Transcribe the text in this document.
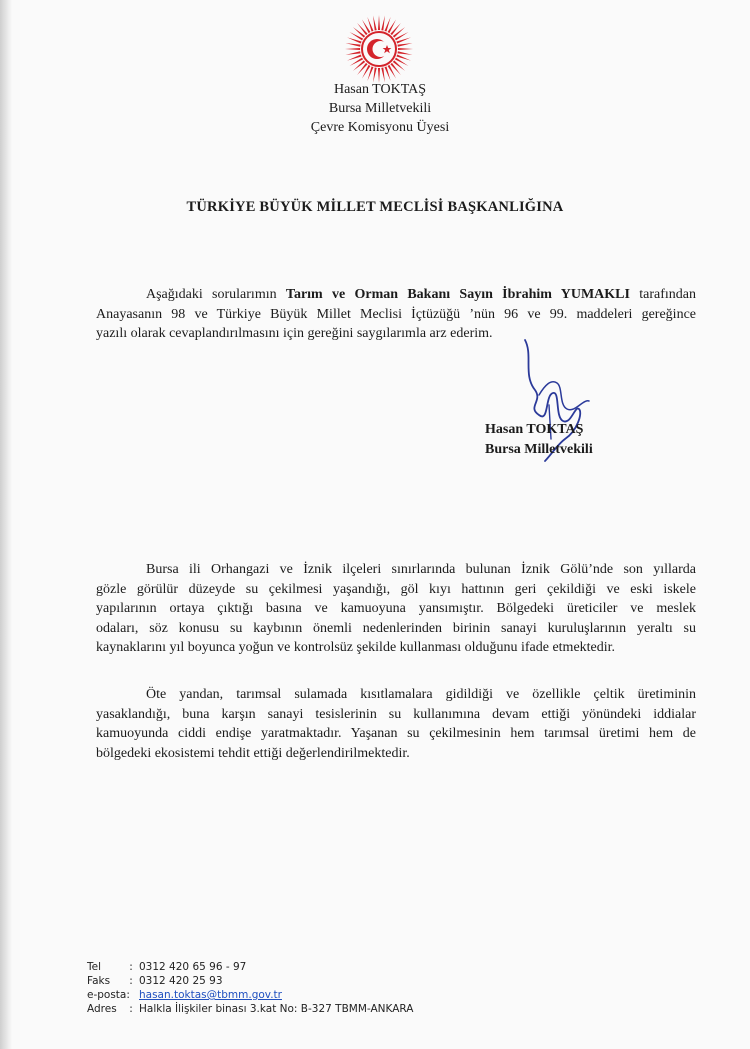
Hasan TOKTAŞ
Bursa Milletvekili
Çevre Komisyonu Üyesi
TÜRKİYE BÜYÜK MİLLET MECLİSİ BAŞKANLIĞINA
Aşağıdaki sorularımın Tarım ve Orman Bakanı Sayın İbrahim YUMAKLI tarafından
Anayasanın 98 ve Türkiye Büyük Millet Meclisi İçtüzüğü ’nün 96 ve 99. maddeleri gereğince
yazılı olarak cevaplandırılmasını için gereğini saygılarımla arz ederim.
Hasan TOKTAŞ
Bursa Milletvekili
Bursa ili Orhangazi ve İznik ilçeleri sınırlarında bulunan İznik Gölü’nde son yıllarda
gözle görülür düzeyde su çekilmesi yaşandığı, göl kıyı hattının geri çekildiği ve eski iskele
yapılarının ortaya çıktığı basına ve kamuoyuna yansımıştır. Bölgedeki üreticiler ve meslek
odaları, söz konusu su kaybının önemli nedenlerinden birinin sanayi kuruluşlarının yeraltı su
kaynaklarını yıl boyunca yoğun ve kontrolsüz şekilde kullanması olduğunu ifade etmektedir.
Öte yandan, tarımsal sulamada kısıtlamalara gidildiği ve özellikle çeltik üretiminin
yasaklandığı, buna karşın sanayi tesislerinin su kullanımına devam ettiği yönündeki iddialar
kamuoyunda ciddi endişe yaratmaktadır. Yaşanan su çekilmesinin hem tarımsal üretimi hem de
bölgedeki ekosistemi tehdit ettiği değerlendirilmektedir.
Tel	: 0312 420 65 96 - 97
Faks	: 0312 420 25 93
e-posta: hasan.toktas@tbmm.gov.tr
Adres	: Halkla İlişkiler binası 3.kat No: B-327 TBMM-ANKARA
